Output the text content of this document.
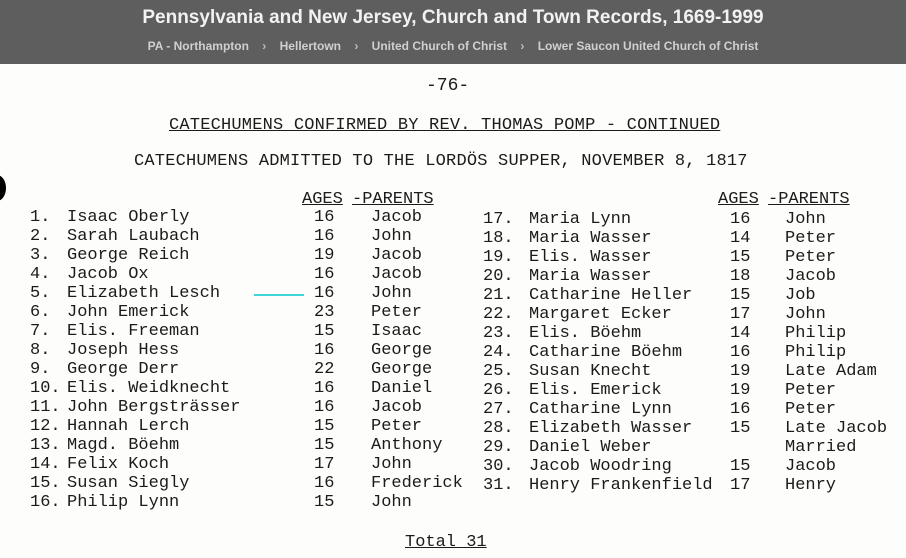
Pennsylvania and New Jersey, Church and Town Records, 1669-1999
PA - Northampton › Hellertown › United Church of Christ › Lower Saucon United Church of Christ
-76-
CATECHUMENS CONFIRMED BY REV. THOMAS POMP - CONTINUED
CATECHUMENS ADMITTED TO THE LORDÖS SUPPER, NOVEMBER 8, 1817
AGES -PARENTS	AGES -PARENTS
1. Isaac Oberly	16 Jacob
2. Sarah Laubach	16 John
3. George Reich	19 Jacob
4. Jacob Ox	16 Jacob
5. Elizabeth Lesch	16 John
6. John Emerick	23 Peter
7. Elis. Freeman	15 Isaac
8. Joseph Hess	16 George
9. George Derr	22 George
10. Elis. Weidknecht	16 Daniel
11. John Bergsträsser	16 Jacob
12. Hannah Lerch	15 Peter
13. Magd. Böehm	15 Anthony
14. Felix Koch	17 John
15. Susan Siegly	16 Frederick
16. Philip Lynn	15 John
17. Maria Lynn	16 John
18. Maria Wasser	14 Peter
19. Elis. Wasser	15 Peter
20. Maria Wasser	18 Jacob
21. Catharine Heller 15 Job
22. Margaret Ecker	17 John
23. Elis. Böehm	14 Philip
24. Catharine Böehm	16 Philip
25. Susan Knecht	19 Late Adam
26. Elis. Emerick	19 Peter
27. Catharine Lynn	16 Peter
28. Elizabeth Wasser 15 Late Jacob
29. Daniel Weber	Married
30. Jacob Woodring	15 Jacob
31. Henry Frankenfield 17 Henry
Total 31
